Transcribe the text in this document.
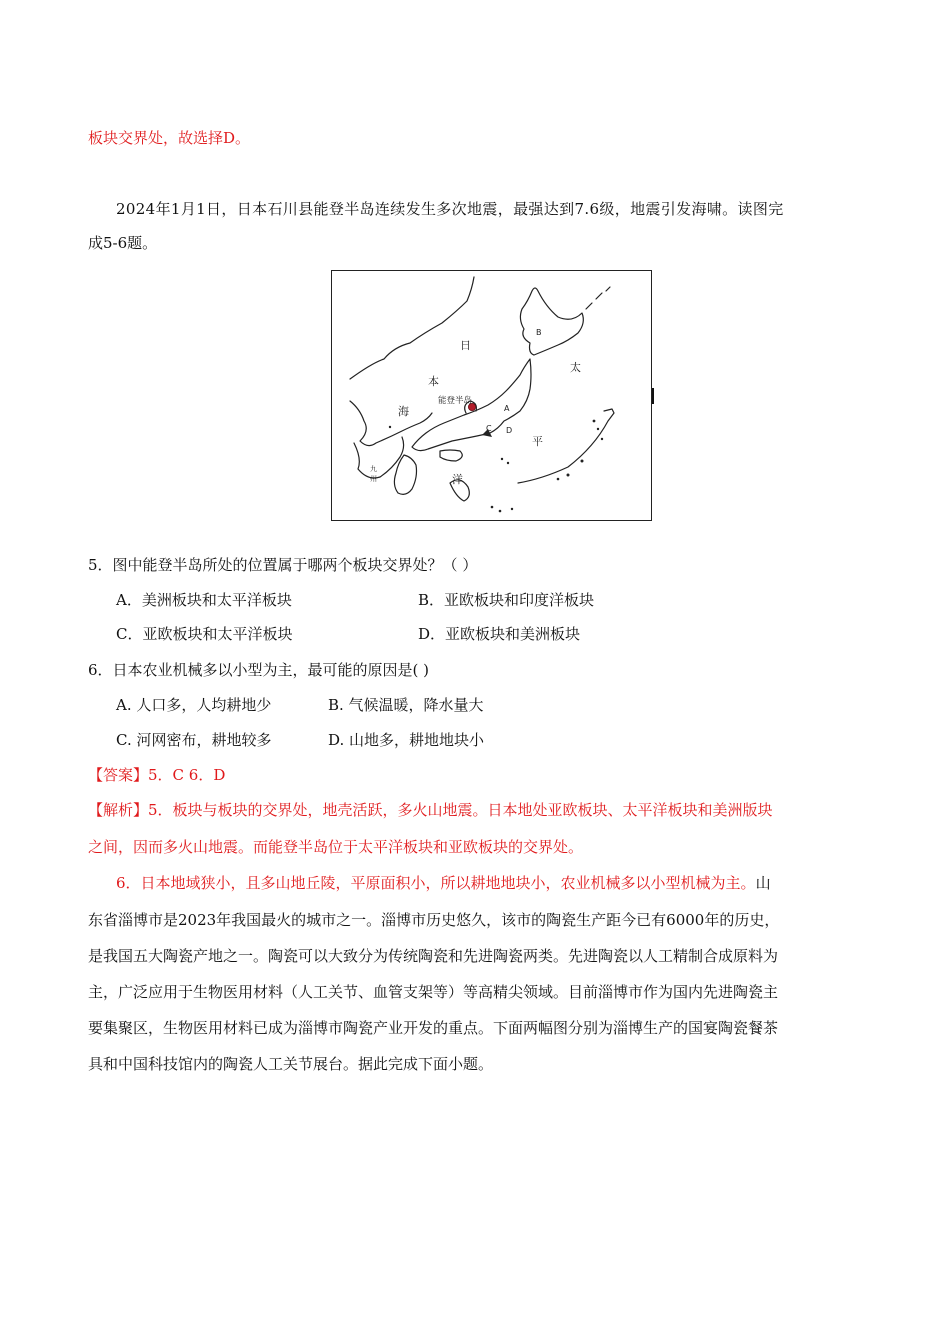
板块交界处，故选择D。
2024年1月1日，日本石川县能登半岛连续发生多次地震，最强达到7.6级，地震引发海啸。读图完
成5-6题。
日
本
海
太
平
洋
能登半岛
九
州
A
B
C D
5．图中能登半岛所处的位置属于哪两个板块交界处？（ ）
A．美洲板块和太平洋板块	B．亚欧板块和印度洋板块
C．亚欧板块和太平洋板块	D．亚欧板块和美洲板块
6．日本农业机械多以小型为主，最可能的原因是( )
A. 人口多，人均耕地少	B. 气候温暖，降水量大
C. 河网密布，耕地较多	D. 山地多，耕地地块小
【答案】5．C 6．D
【解析】5．板块与板块的交界处，地壳活跃，多火山地震。日本地处亚欧板块、太平洋板块和美洲版块
之间，因而多火山地震。而能登半岛位于太平洋板块和亚欧板块的交界处。
6．日本地域狭小，且多山地丘陵，平原面积小，所以耕地地块小，农业机械多以小型机械为主。山
东省淄博市是2023年我国最火的城市之一。淄博市历史悠久，该市的陶瓷生产距今已有6000年的历史，
是我国五大陶瓷产地之一。陶瓷可以大致分为传统陶瓷和先进陶瓷两类。先进陶瓷以人工精制合成原料为
主，广泛应用于生物医用材料（人工关节、血管支架等）等高精尖领域。目前淄博市作为国内先进陶瓷主
要集聚区，生物医用材料已成为淄博市陶瓷产业开发的重点。下面两幅图分别为淄博生产的国宴陶瓷餐茶
具和中国科技馆内的陶瓷人工关节展台。据此完成下面小题。
